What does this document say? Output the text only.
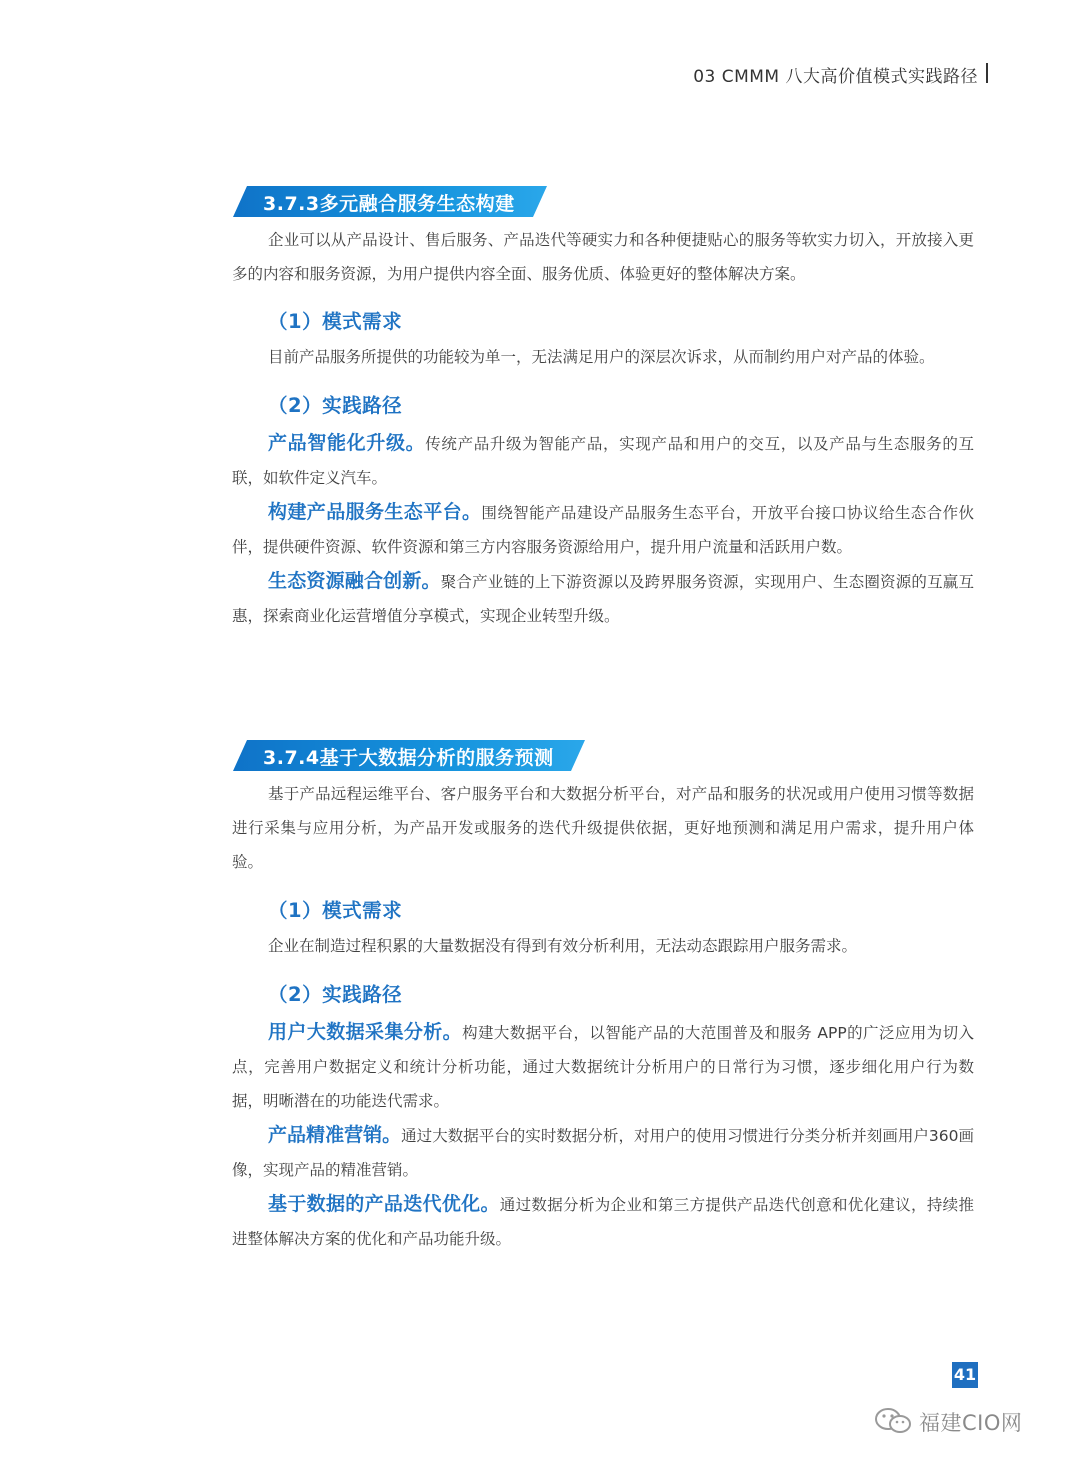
03 CMMM 八大高价值模式实践路径
3.7.3多元融合服务生态构建

企业可以从产品设计、售后服务、产品迭代等硬实力和各种便捷贴心的服务等软实力切入，开放接入更多的内容和服务资源，为用户提供内容全面、服务优质、体验更好的整体解决方案。

（1）模式需求

目前产品服务所提供的功能较为单一，无法满足用户的深层次诉求，从而制约用户对产品的体验。

（2）实践路径

产品智能化升级。传统产品升级为智能产品，实现产品和用户的交互，以及产品与生态服务的互联，如软件定义汽车。

构建产品服务生态平台。围绕智能产品建设产品服务生态平台，开放平台接口协议给生态合作伙伴，提供硬件资源、软件资源和第三方内容服务资源给用户，提升用户流量和活跃用户数。

生态资源融合创新。聚合产业链的上下游资源以及跨界服务资源，实现用户、生态圈资源的互赢互惠，探索商业化运营增值分享模式，实现企业转型升级。

3.7.4基于大数据分析的服务预测

基于产品远程运维平台、客户服务平台和大数据分析平台，对产品和服务的状况或用户使用习惯等数据进行采集与应用分析，为产品开发或服务的迭代升级提供依据，更好地预测和满足用户需求，提升用户体验。

（1）模式需求

企业在制造过程积累的大量数据没有得到有效分析利用，无法动态跟踪用户服务需求。

（2）实践路径

用户大数据采集分析。构建大数据平台，以智能产品的大范围普及和服务 APP的广泛应用为切入点，完善用户数据定义和统计分析功能，通过大数据统计分析用户的日常行为习惯，逐步细化用户行为数据，明晰潜在的功能迭代需求。

产品精准营销。通过大数据平台的实时数据分析，对用户的使用习惯进行分类分析并刻画用户360画像，实现产品的精准营销。

基于数据的产品迭代优化。通过数据分析为企业和第三方提供产品迭代创意和优化建议，持续推进整体解决方案的优化和产品功能升级。

41
福建CIO网
